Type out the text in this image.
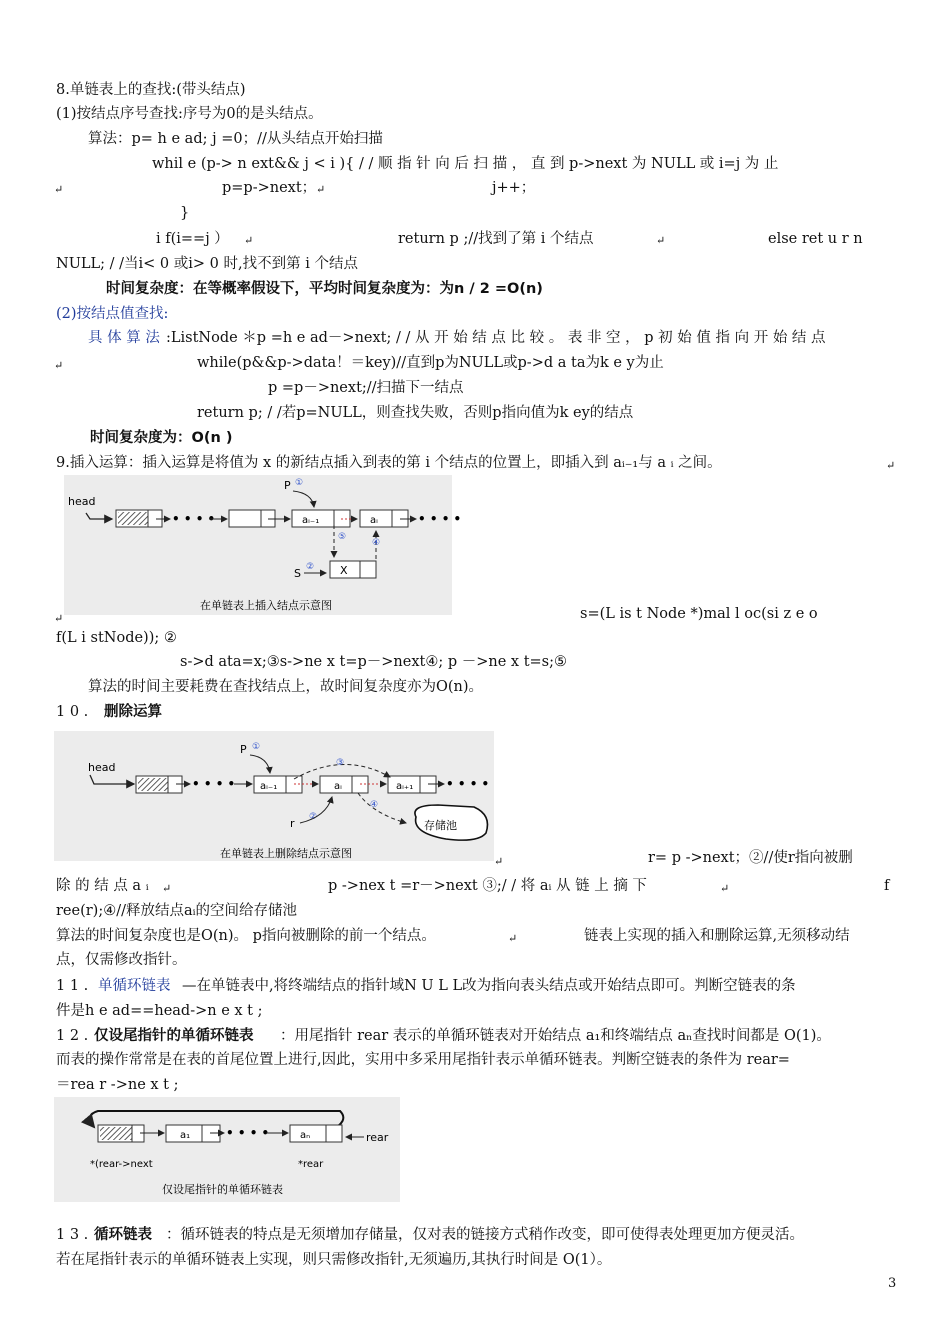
8.单链表上的查找:(带头结点)
(1)按结点序号查找:序号为0的是头结点。
算法：p= h e ad; j =0；//从头结点开始扫描
whil e (p-> n ext&& j < i ){ / / 顺 指 针 向 后 扫 描 ， 直 到 p->next 为 NULL 或 i=j 为 止
↵	p=p->next； ↵	j++；
}
i f(i==j ） ↵	return p ;//找到了第 i 个结点	↵	else ret u r n
NULL; / /当i< 0 或i> 0 时,找不到第 i 个结点
时间复杂度：在等概率假设下，平均时间复杂度为：为n / 2 =O(n)
(2)按结点值查找:
具 体 算 法 :ListNode ＊p =h e ad－>next; / / 从 开 始 结 点 比 较 。 表 非 空 ， p 初 始 值 指 向 开 始 结 点
↵	while(p&&p->data！＝key)//直到p为NULL或p->d a ta为k e y为止
p =p－>next;//扫描下一结点
return p; / /若p=NULL，则查找失败，否则p指向值为k ey的结点
时间复杂度为：O(n )
9.插入运算：插入运算是将值为 x 的新结点插入到表的第 i 个结点的位置上，即插入到 aᵢ₋₁与 a ᵢ 之间。	↵
head
• • • •	aᵢ₋₁	aᵢ	• • • •
P ①
⑤
④
X
S ②
在单链表上插入结点示意图
↵	s=(L is t Node *)mal l oc(si z e o
f(L i stNode)); ②
s->d ata=x;③s->ne x t=p－>next④; p －>ne x t=s;⑤
算法的时间主要耗费在查找结点上，故时间复杂度亦为O(n)。
1 0 . 删除运算
head
• • • • aᵢ₋₁	aᵢ	aᵢ₊₁	• • • •
P ①
③
r ②
④
存储池
在单链表上删除结点示意图
↵	r= p ->next；②//使r指向被删
除 的 结 点 a ᵢ ↵	p ->nex t =r－>next ③;/ / 将 aᵢ 从 链 上 摘 下	↵	f
ree(r);④//释放结点aᵢ的空间给存储池
算法的时间复杂度也是O(n)。 p指向被删除的前一个结点。	↵	链表上实现的插入和删除运算,无须移动结
点，仅需修改指针。
1 1 . 单循环链表 —在单链表中,将终端结点的指针域N U L L改为指向表头结点或开始结点即可。判断空链表的条
件是h e ad==head->n e x t ;
1 2 . 仅设尾指针的单循环链表 ：用尾指针 rear 表示的单循环链表对开始结点 a₁和终端结点 aₙ查找时间都是 O(1)。
而表的操作常常是在表的首尾位置上进行,因此，实用中多采用尾指针表示单循环链表。判断空链表的条件为 rear=
＝rea r ->ne x t ;
a₁	• • • •	aₙ	rear
*(rear->next	*rear
仅设尾指针的单循环链表
1 3 . 循环链表 ：循环链表的特点是无须增加存储量，仅对表的链接方式稍作改变，即可使得表处理更加方便灵活。
若在尾指针表示的单循环链表上实现，则只需修改指针,无须遍历,其执行时间是 O(1）。
3
